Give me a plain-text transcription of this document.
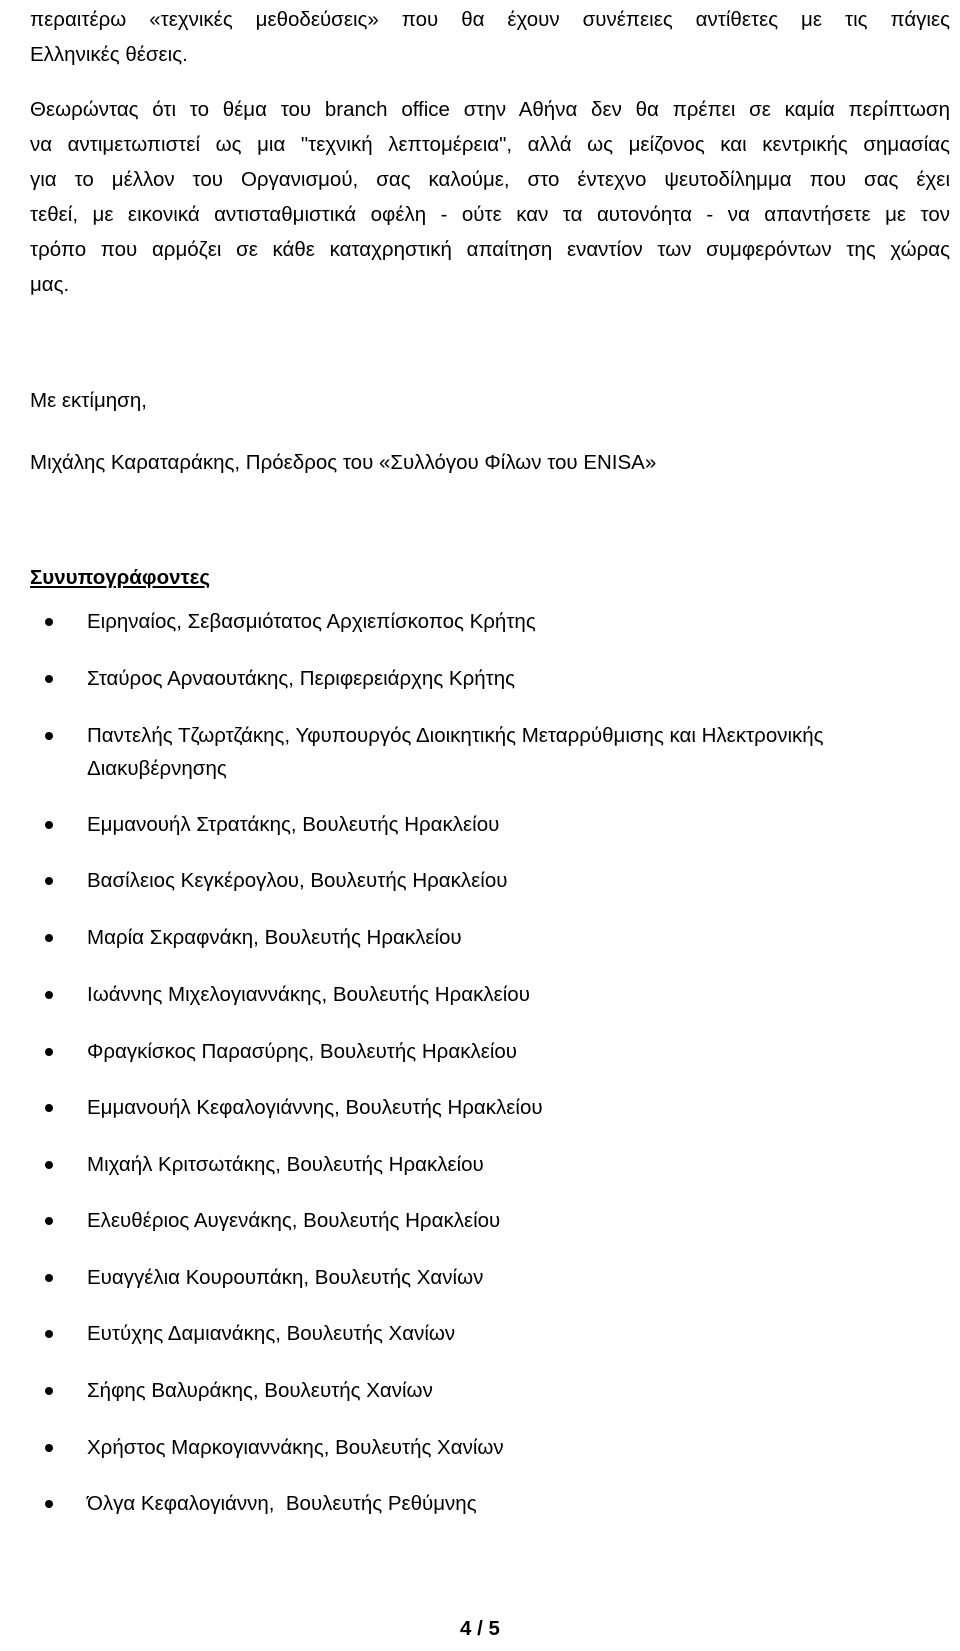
περαιτέρω «τεχνικές μεθοδεύσεις» που θα έχουν συνέπειες αντίθετες με τις πάγιες
Ελληνικές θέσεις.

Θεωρώντας ότι το θέμα του branch office στην Αθήνα δεν θα πρέπει σε καμία περίπτωση
να αντιμετωπιστεί ως μια "τεχνική λεπτομέρεια", αλλά ως μείζονος και κεντρικής σημασίας
για το μέλλον του Οργανισμού, σας καλούμε, στο έντεχνο ψευτοδίλημμα που σας έχει
τεθεί, με εικονικά αντισταθμιστικά οφέλη - ούτε καν τα αυτονόητα - να απαντήσετε με τον
τρόπο που αρμόζει σε κάθε καταχρηστική απαίτηση εναντίον των συμφερόντων της χώρας
μας.

Με εκτίμηση,

Μιχάλης Καραταράκης, Πρόεδρος του «Συλλόγου Φίλων του ENISA»

Συνυπογράφοντες

Ειρηναίος, Σεβασμιότατος Αρχιεπίσκοπος Κρήτης
Σταύρος Αρναουτάκης, Περιφερειάρχης Κρήτης
Παντελής Τζωρτζάκης, Υφυπουργός Διοικητικής Μεταρρύθμισης και Ηλεκτρονικής
Διακυβέρνησης
Εμμανουήλ Στρατάκης, Βουλευτής Ηρακλείου
Βασίλειος Κεγκέρογλου, Βουλευτής Ηρακλείου
Μαρία Σκραφνάκη, Βουλευτής Ηρακλείου
Ιωάννης Μιχελογιαννάκης, Βουλευτής Ηρακλείου
Φραγκίσκος Παρασύρης, Βουλευτής Ηρακλείου
Εμμανουήλ Κεφαλογιάννης, Βουλευτής Ηρακλείου
Μιχαήλ Κριτσωτάκης, Βουλευτής Ηρακλείου
Ελευθέριος Αυγενάκης, Βουλευτής Ηρακλείου
Ευαγγέλια Κουρουπάκη, Βουλευτής Χανίων
Ευτύχης Δαμιανάκης, Βουλευτής Χανίων
Σήφης Βαλυράκης, Βουλευτής Χανίων
Χρήστος Μαρκογιαννάκης, Βουλευτής Χανίων
Όλγα Κεφαλογιάννη,  Βουλευτής Ρεθύμνης

4 / 5
